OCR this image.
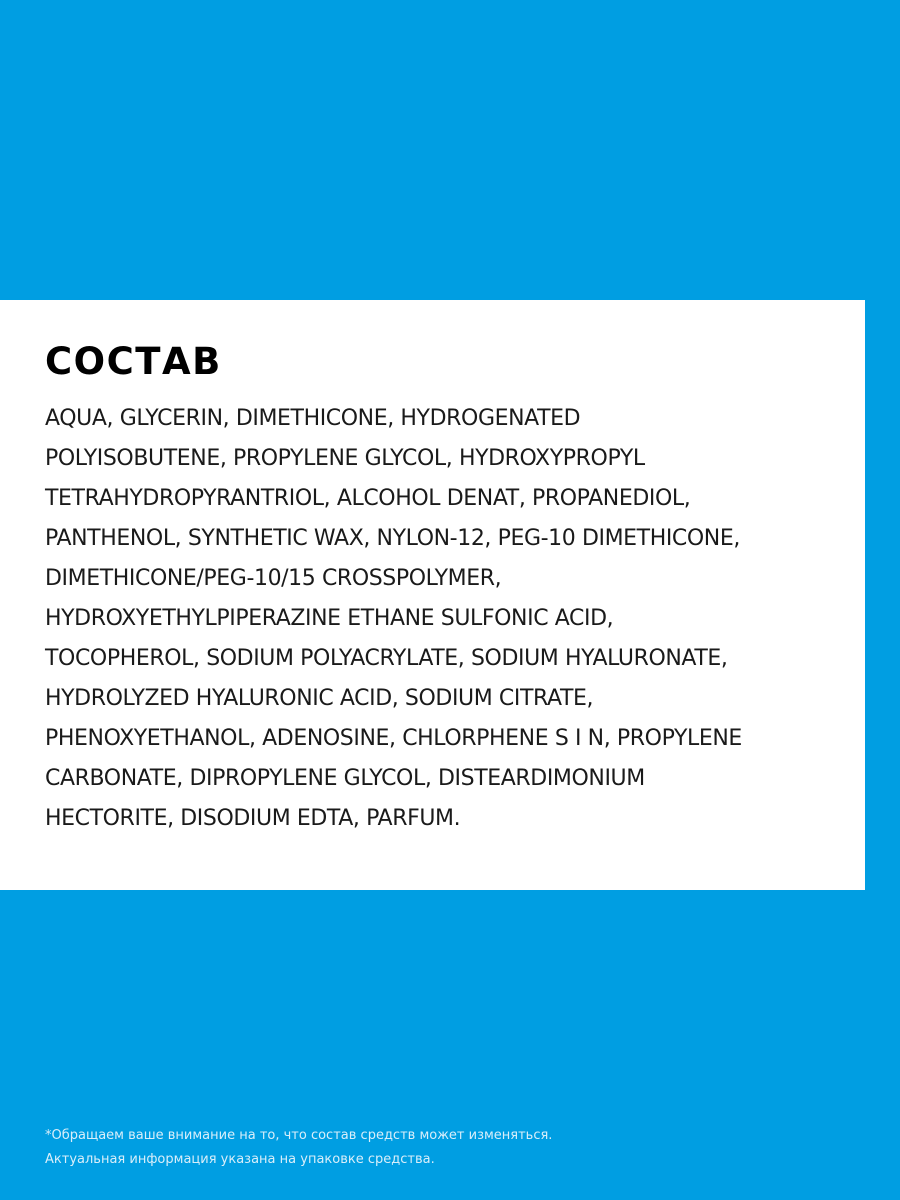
СОСТАВ
AQUA, GLYCERIN, DIMETHICONE, HYDROGENATED
POLYISOBUTENE, PROPYLENE GLYCOL, HYDROXYPROPYL
TETRAHYDROPYRANTRIOL, ALCOHOL DENAT, PROPANEDIOL,
PANTHENOL, SYNTHETIC WAX, NYLON-12, PEG-10 DIMETHICONE,
DIMETHICONE/PEG-10/15 CROSSPOLYMER,
HYDROXYETHYLPIPERAZINE ETHANE SULFONIC ACID,
TOCOPHEROL, SODIUM POLYACRYLATE, SODIUM HYALURONATE,
HYDROLYZED HYALURONIC ACID, SODIUM CITRATE,
PHENOXYETHANOL, ADENOSINE, CHLORPHENE S I N, PROPYLENE
CARBONATE, DIPROPYLENE GLYCOL, DISTEARDIMONIUM
HECTORITE, DISODIUM EDTA, PARFUM.

*Обращаем ваше внимание на то, что состав средств может изменяться.
Актуальная информация указана на упаковке средства.
